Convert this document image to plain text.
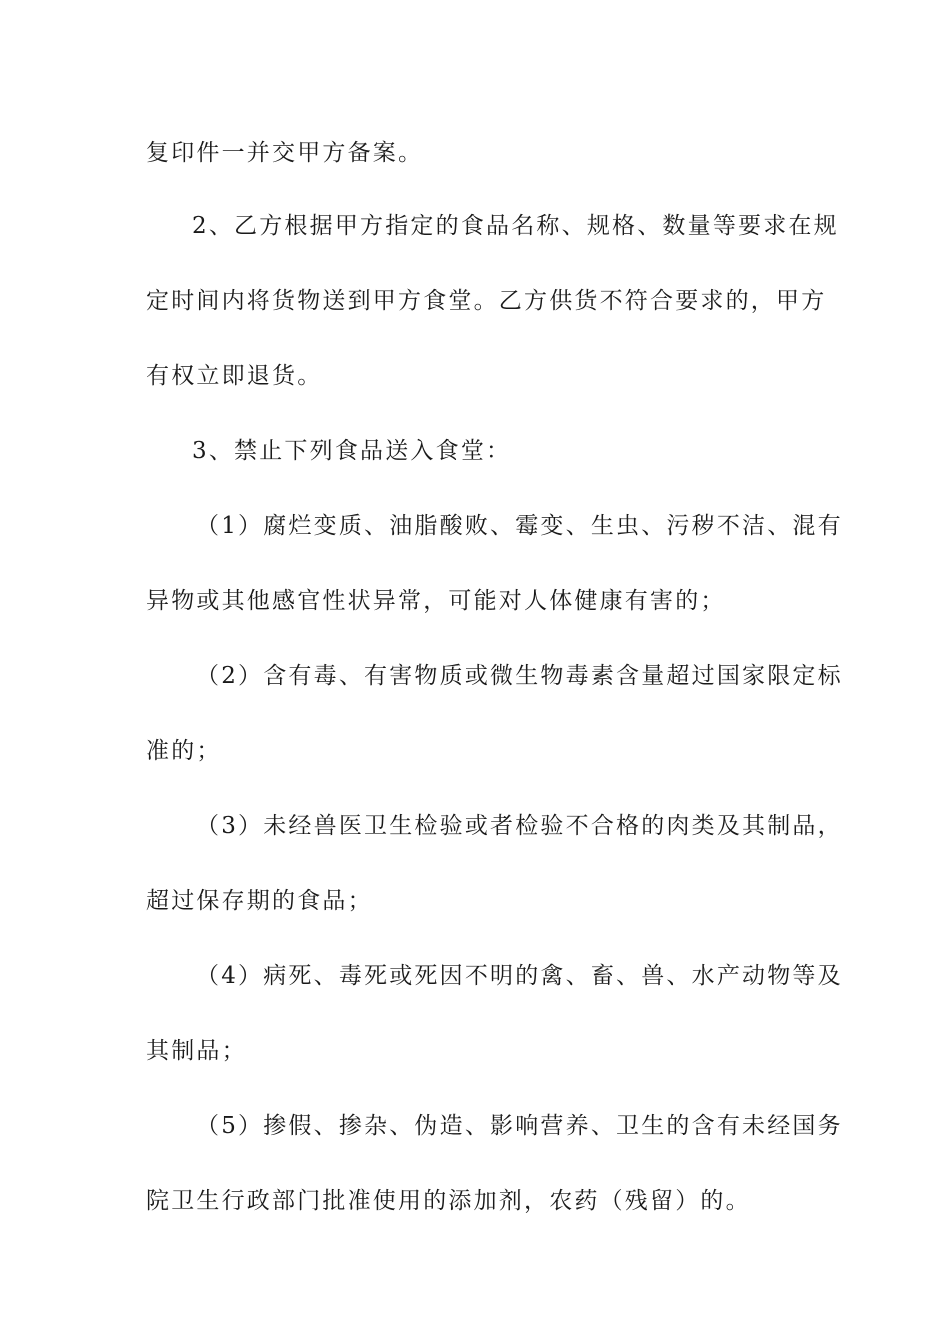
复印件一并交甲方备案。
2、乙方根据甲方指定的食品名称、规格、数量等要求在规
定时间内将货物送到甲方食堂。乙方供货不符合要求的，甲方
有权立即退货。
3、禁止下列食品送入食堂：
（1）腐烂变质、油脂酸败、霉变、生虫、污秽不洁、混有
异物或其他感官性状异常，可能对人体健康有害的；
（2）含有毒、有害物质或微生物毒素含量超过国家限定标
准的；
（3）未经兽医卫生检验或者检验不合格的肉类及其制品，
超过保存期的食品；
（4）病死、毒死或死因不明的禽、畜、兽、水产动物等及
其制品；
（5）掺假、掺杂、伪造、影响营养、卫生的含有未经国务
院卫生行政部门批准使用的添加剂，农药（残留）的。
